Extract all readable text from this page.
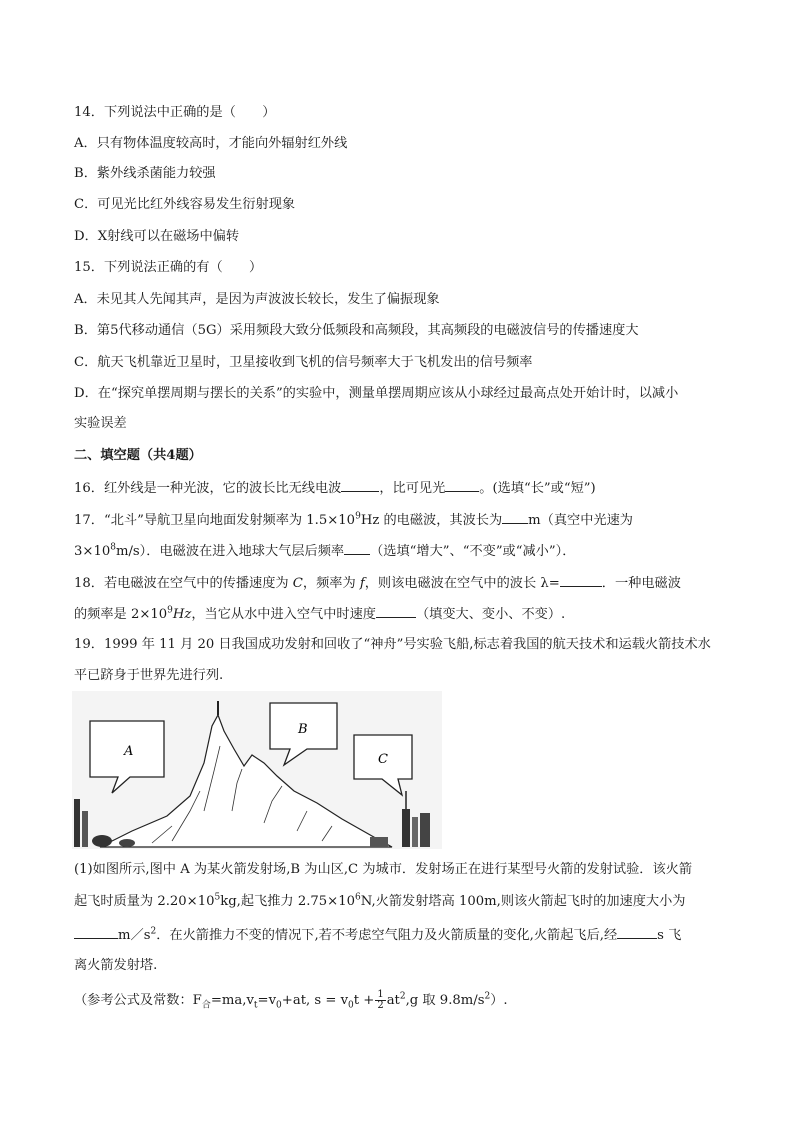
14．下列说法中正确的是（　　）
A．只有物体温度较高时，才能向外辐射红外线
B．紫外线杀菌能力较强
C．可见光比红外线容易发生衍射现象
D．X射线可以在磁场中偏转
15．下列说法正确的有（　　）
A．未见其人先闻其声，是因为声波波长较长，发生了偏振现象
B．第5代移动通信（5G）采用频段大致分低频段和高频段，其高频段的电磁波信号的传播速度大
C．航天飞机靠近卫星时，卫星接收到飞机的信号频率大于飞机发出的信号频率
D．在“探究单摆周期与摆长的关系”的实验中，测量单摆周期应该从小球经过最高点处开始计时，以减小
实验误差
二、填空题（共4题）
16．红外线是一种光波，它的波长比无线电波	，比可见光	。(选填“长”或“短”)
17．“北斗”导航卫星向地面发射频率为 $1.5\times 10^9Hz$ 的电磁波，其波长为 m（真空中光速为
$3\times 10^8m/s$）．电磁波在进入地球大气层后频率 （选填“增大”、“不变”或“减小”）．
18．若电磁波在空气中的传播速度为 C，频率为 f，则该电磁波在空气中的波长 λ=	．一种电磁波
的频率是 $2\times 10^9Hz$，当它从水中进入空气中时速度	（填变大、变小、不变）.
19．1999 年 11 月 20 日我国成功发射和回收了“神舟”号实验飞船,标志着我国的航天技术和运载火箭技术水
平已跻身于世界先进行列.
A
B
C
(1)如图所示,图中 A 为某火箭发射场,B 为山区,C 为城市．发射场正在进行某型号火箭的发射试验．该火箭
起飞时质量为 $2.20\times 10^5kg$,起飞推力 $2.75\times 10^6N$,火箭发射塔高 100m,则该火箭起飞时的加速度大小为
$m/s^2$．在火箭推力不变的情况下,若不考虑空气阻力及火箭质量的变化,火箭起飞后,经	s 飞
离火箭发射塔.
（参考公式及常数：$F_合=ma,v_t=v_0+at$, $s = v_0t + \frac{1}{2} at^2,g$ 取 $9.8m/s^2$）.
